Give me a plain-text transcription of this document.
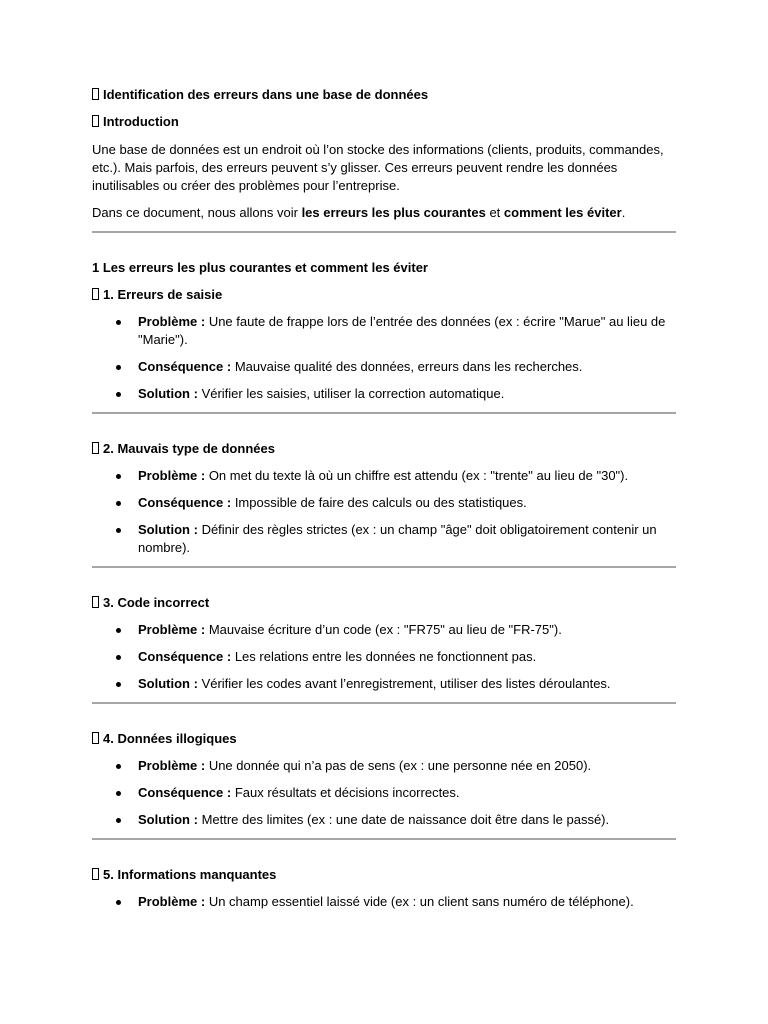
Identification des erreurs dans une base de données
Introduction

Une base de données est un endroit où l’on stocke des informations (clients, produits, commandes, etc.). Mais parfois, des erreurs peuvent s’y glisser. Ces erreurs peuvent rendre les données inutilisables ou créer des problèmes pour l’entreprise.

Dans ce document, nous allons voir les erreurs les plus courantes et comment les éviter.

1 Les erreurs les plus courantes et comment les éviter
1. Erreurs de saisie
Problème : Une faute de frappe lors de l’entrée des données (ex : écrire "Marue" au lieu de "Marie").
Conséquence : Mauvaise qualité des données, erreurs dans les recherches.
Solution : Vérifier les saisies, utiliser la correction automatique.
2. Mauvais type de données
Problème : On met du texte là où un chiffre est attendu (ex : "trente" au lieu de "30").
Conséquence : Impossible de faire des calculs ou des statistiques.
Solution : Définir des règles strictes (ex : un champ "âge" doit obligatoirement contenir un nombre).
3. Code incorrect
Problème : Mauvaise écriture d’un code (ex : "FR75" au lieu de "FR-75").
Conséquence : Les relations entre les données ne fonctionnent pas.
Solution : Vérifier les codes avant l’enregistrement, utiliser des listes déroulantes.
4. Données illogiques
Problème : Une donnée qui n’a pas de sens (ex : une personne née en 2050).
Conséquence : Faux résultats et décisions incorrectes.
Solution : Mettre des limites (ex : une date de naissance doit être dans le passé).
5. Informations manquantes
Problème : Un champ essentiel laissé vide (ex : un client sans numéro de téléphone).
